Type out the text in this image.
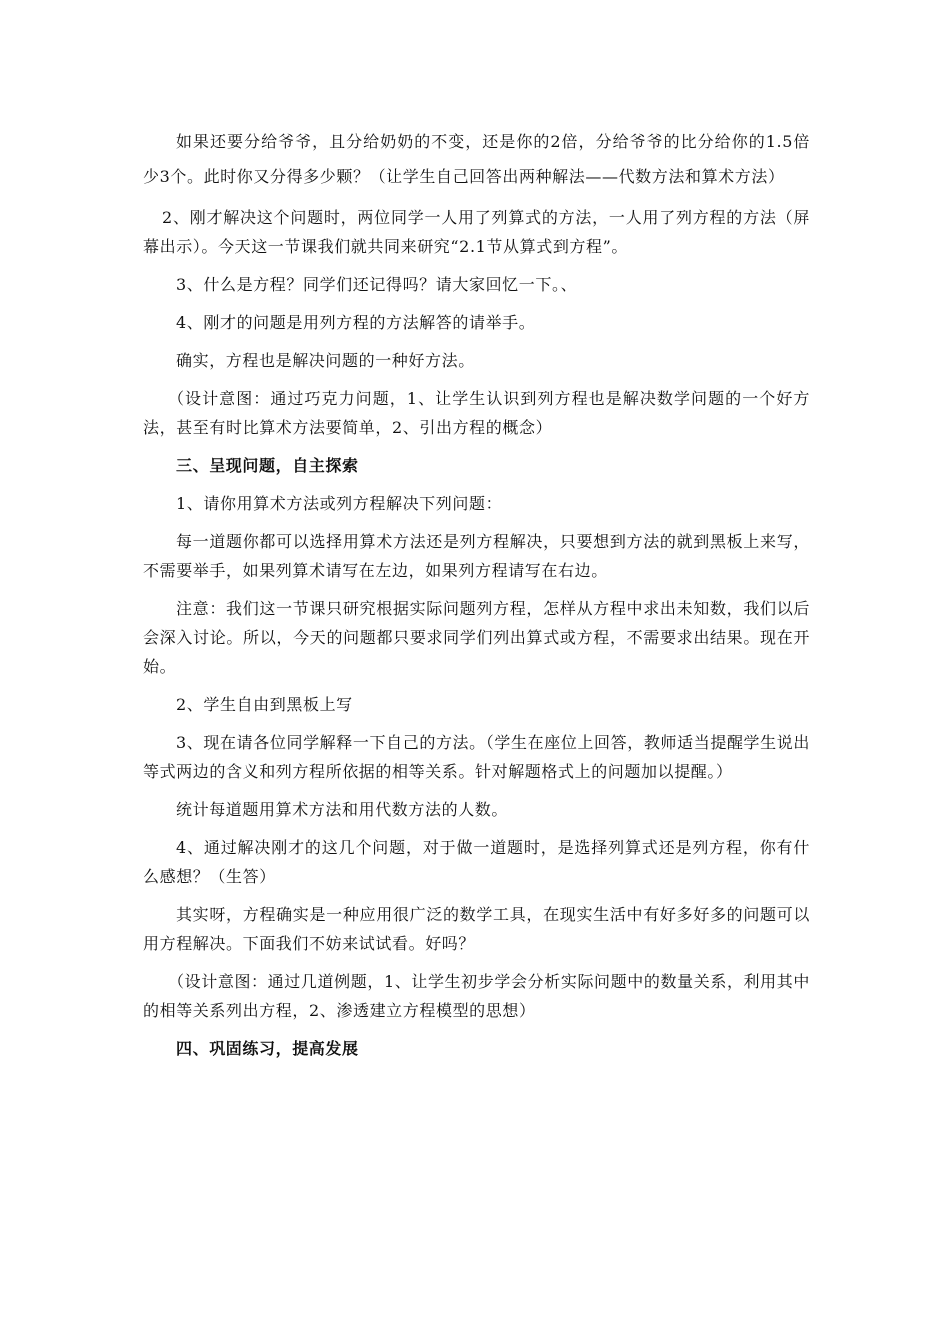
如果还要分给爷爷，且分给奶奶的不变，还是你的2倍，分给爷爷的比分给你的1.5倍少3个。此时你又分得多少颗？（让学生自己回答出两种解法——代数方法和算术方法）

2、刚才解决这个问题时，两位同学一人用了列算式的方法，一人用了列方程的方法（屏幕出示）。今天这一节课我们就共同来研究“2.1节从算式到方程”。

3、什么是方程？同学们还记得吗？请大家回忆一下。、

4、刚才的问题是用列方程的方法解答的请举手。

确实，方程也是解决问题的一种好方法。

（设计意图：通过巧克力问题，1、让学生认识到列方程也是解决数学问题的一个好方法，甚至有时比算术方法要简单，2、引出方程的概念）

三、呈现问题，自主探索

1、请你用算术方法或列方程解决下列问题：

每一道题你都可以选择用算术方法还是列方程解决，只要想到方法的就到黑板上来写，不需要举手，如果列算术请写在左边，如果列方程请写在右边。

注意：我们这一节课只研究根据实际问题列方程，怎样从方程中求出未知数，我们以后会深入讨论。所以，今天的问题都只要求同学们列出算式或方程，不需要求出结果。现在开始。

2、学生自由到黑板上写

3、现在请各位同学解释一下自己的方法。（学生在座位上回答，教师适当提醒学生说出等式两边的含义和列方程所依据的相等关系。针对解题格式上的问题加以提醒。）

统计每道题用算术方法和用代数方法的人数。

4、通过解决刚才的这几个问题，对于做一道题时，是选择列算式还是列方程，你有什么感想？（生答）

其实呀，方程确实是一种应用很广泛的数学工具，在现实生活中有好多好多的问题可以用方程解决。下面我们不妨来试试看。好吗？

（设计意图：通过几道例题，1、让学生初步学会分析实际问题中的数量关系，利用其中的相等关系列出方程，2、渗透建立方程模型的思想）

四、巩固练习，提高发展
